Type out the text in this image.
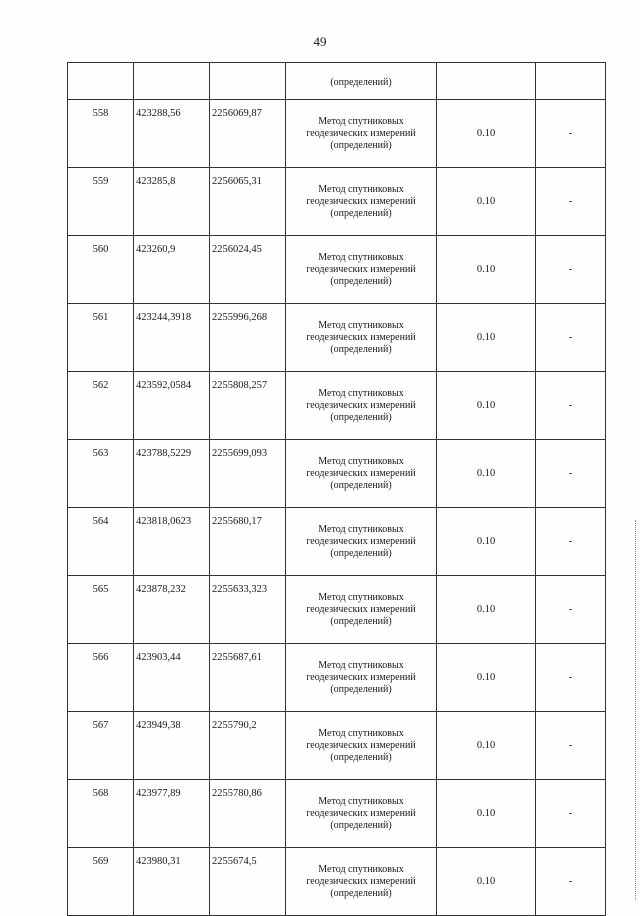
49
			(определений)		
558	423288,56	2256069,87	Метод спутниковых
геодезических измерений
(определений)	0.10	-
559	423285,8	2256065,31	Метод спутниковых
геодезических измерений
(определений)	0.10	-
560	423260,9	2256024,45	Метод спутниковых
геодезических измерений
(определений)	0.10	-
561	423244,3918	2255996,268	Метод спутниковых
геодезических измерений
(определений)	0.10	-
562	423592,0584	2255808,257	Метод спутниковых
геодезических измерений
(определений)	0.10	-
563	423788,5229	2255699,093	Метод спутниковых
геодезических измерений
(определений)	0.10	-
564	423818,0623	2255680,17	Метод спутниковых
геодезических измерений
(определений)	0.10	-
565	423878,232	2255633,323	Метод спутниковых
геодезических измерений
(определений)	0.10	-
566	423903,44	2255687,61	Метод спутниковых
геодезических измерений
(определений)	0.10	-
567	423949,38	2255790,2	Метод спутниковых
геодезических измерений
(определений)	0.10	-
568	423977,89	2255780,86	Метод спутниковых
геодезических измерений
(определений)	0.10	-
569	423980,31	2255674,5	Метод спутниковых
геодезических измерений
(определений)	0.10	-
